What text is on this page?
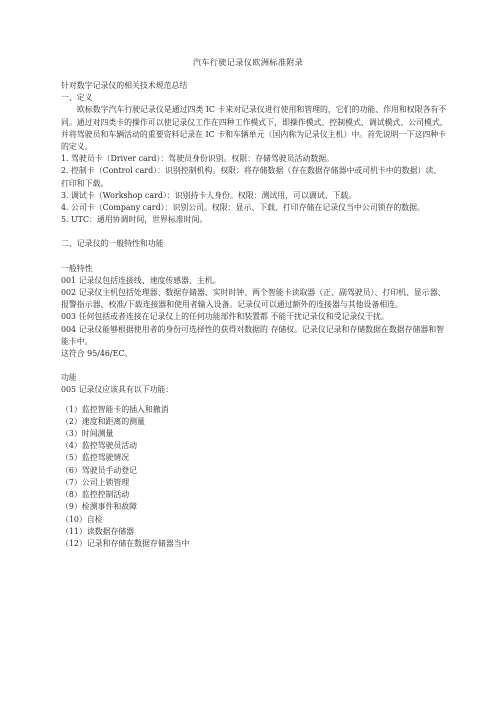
汽车行驶记录仪欧洲标准附录

针对数字记录仪的相关技术规范总结

一、定义

欧标数字汽车行驶记录仪是通过四类 IC 卡来对记录仪进行使用和管理的，它们的功能、作用和权限各有不同。通过对四类卡的操作可以使记录仪工作在四种工作模式下，即操作模式、控制模式、调试模式、公司模式，并将驾驶员和车辆活动的重要资料记录在 IC 卡和车辆单元（国内称为记录仪主机）中。首先说明一下这四种卡的定义。

1. 驾驶员卡（Driver card）：驾驶员身份识别。权限：存储驾驶员活动数据。

2. 控制卡（Control card）：识别控制机构。权限：将存储数据（存在数据存储器中或司机卡中的数据）读、打印和下载。

3. 调试卡（Workshop card）：识别持卡人身份。权限：测试用，可以调试、下载。

4. 公司卡（Company card）：识别公司。权限：显示、下载、打印存储在记录仪当中公司锁存的数据。

5. UTC：通用协调时间，世界标准时间。

二、记录仪的一般特性和功能

一般特性

001 记录仪包括连接线、速度传感器、主机。

002 记录仪主机包括处理器、数据存储器、实时时钟、两个智能卡读取器（正、副驾驶员）、打印机、显示器、报警指示器、校准/下载连接器和使用者输入设备。记录仪可以通过额外的连接器与其他设备相连。

003 任何包括或者连接在记录仪上的任何功能部件和装置都 不能干扰记录仪和受记录仪干扰。

004 记录仪能够根据使用者的身份可选择性的获得对数据的 存储权。记录仪记录和存储数据在数据存储器和智能卡中。

这符合 95/46/EC。

功能

005 记录仪应该具有以下功能：

（1）监控智能卡的插入和撤消

（2）速度和距离的测量

（3）时间测量

（4）监控驾驶员活动

（5）监控驾驶情况

（6）驾驶员手动登记

（7）公司上锁管理

（8）监控控制活动

（9）检测事件和故障

（10）自检

（11）读数据存储器

（12）记录和存储在数据存储器当中
